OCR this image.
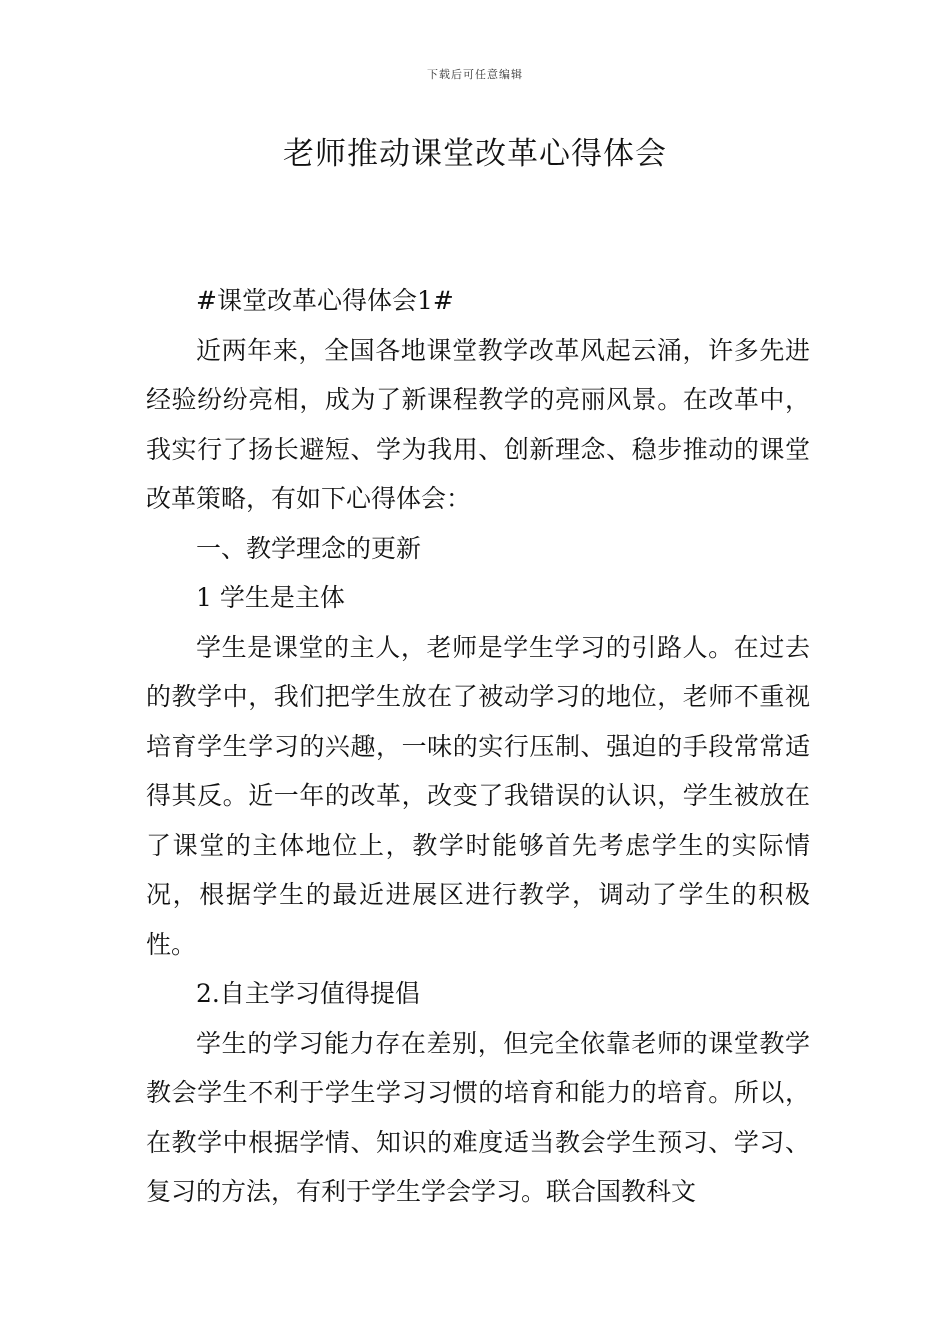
下载后可任意编辑
老师推动课堂改革心得体会

#课堂改革心得体会1#

近两年来，全国各地课堂教学改革风起云涌，许多先进经验纷纷亮相，成为了新课程教学的亮丽风景。在改革中，我实行了扬长避短、学为我用、创新理念、稳步推动的课堂改革策略，有如下心得体会：

一、教学理念的更新

1 学生是主体

学生是课堂的主人，老师是学生学习的引路人。在过去的教学中，我们把学生放在了被动学习的地位，老师不重视培育学生学习的兴趣，一味的实行压制、强迫的手段常常适得其反。近一年的改革，改变了我错误的认识，学生被放在了课堂的主体地位上，教学时能够首先考虑学生的实际情况，根据学生的最近进展区进行教学，调动了学生的积极性。

2.自主学习值得提倡

学生的学习能力存在差别，但完全依靠老师的课堂教学教会学生不利于学生学习习惯的培育和能力的培育。所以，在教学中根据学情、知识的难度适当教会学生预习、学习、复习的方法，有利于学生学会学习。联合国教科文
